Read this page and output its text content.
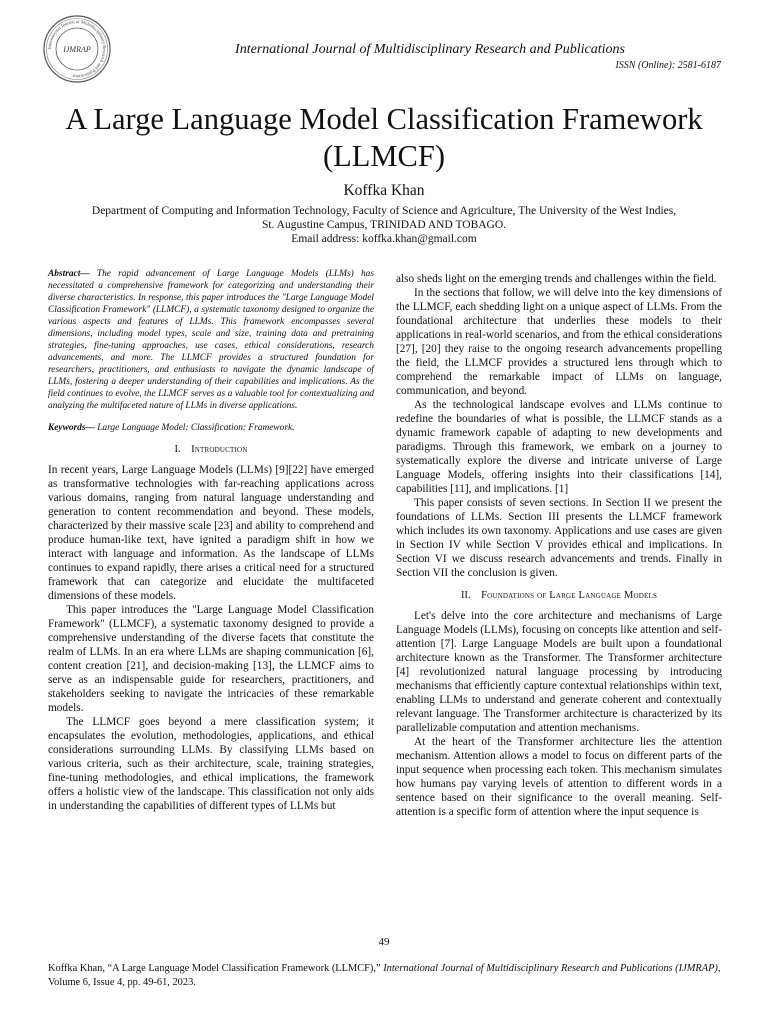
International Journal of Multidisciplinary Research and Publications
IJMRAP	International Journal of Multidisciplinary Research and Publications
ISSN (Online): 2581-6187
A Large Language Model Classification Framework (LLMCF)
Koffka Khan
Department of Computing and Information Technology, Faculty of Science and Agriculture, The University of the West Indies,
St. Augustine Campus, TRINIDAD AND TOBAGO.
Email address: koffka.khan@gmail.com

Abstract— The rapid advancement of Large Language Models (LLMs) has necessitated a comprehensive framework for categorizing and understanding their diverse characteristics. In response, this paper introduces the "Large Language Model Classification Framework" (LLMCF), a systematic taxonomy designed to organize the various aspects and features of LLMs. This framework encompasses several dimensions, including model types, scale and size, training data and pretraining strategies, fine-tuning approaches, use cases, ethical considerations, research advancements, and more. The LLMCF provides a structured foundation for researchers, practitioners, and enthusiasts to navigate the dynamic landscape of LLMs, fostering a deeper understanding of their capabilities and implications. As the field continues to evolve, the LLMCF serves as a valuable tool for contextualizing and analyzing the multifaceted nature of LLMs in diverse applications.

Keywords— Large Language Model: Classification: Framework.

I. Introduction

In recent years, Large Language Models (LLMs) [9][22] have emerged as transformative technologies with far-reaching applications across various domains, ranging from natural language understanding and generation to content recommendation and beyond. These models, characterized by their massive scale [23] and ability to comprehend and produce human-like text, have ignited a paradigm shift in how we interact with language and information. As the landscape of LLMs continues to expand rapidly, there arises a critical need for a structured framework that can categorize and elucidate the multifaceted dimensions of these models.

This paper introduces the "Large Language Model Classification Framework" (LLMCF), a systematic taxonomy designed to provide a comprehensive understanding of the diverse facets that constitute the realm of LLMs. In an era where LLMs are shaping communication [6], content creation [21], and decision-making [13], the LLMCF aims to serve as an indispensable guide for researchers, practitioners, and stakeholders seeking to navigate the intricacies of these remarkable models.

The LLMCF goes beyond a mere classification system; it encapsulates the evolution, methodologies, applications, and ethical considerations surrounding LLMs. By classifying LLMs based on various criteria, such as their architecture, scale, training strategies, fine-tuning methodologies, and ethical implications, the framework offers a holistic view of the landscape. This classification not only aids in understanding the capabilities of different types of LLMs but

also sheds light on the emerging trends and challenges within the field.

In the sections that follow, we will delve into the key dimensions of the LLMCF, each shedding light on a unique aspect of LLMs. From the foundational architecture that underlies these models to their applications in real-world scenarios, and from the ethical considerations [27], [20] they raise to the ongoing research advancements propelling the field, the LLMCF provides a structured lens through which to comprehend the remarkable impact of LLMs on language, communication, and beyond.

As the technological landscape evolves and LLMs continue to redefine the boundaries of what is possible, the LLMCF stands as a dynamic framework capable of adapting to new developments and paradigms. Through this framework, we embark on a journey to systematically explore the diverse and intricate universe of Large Language Models, offering insights into their classifications [14], capabilities [11], and implications. [1]

This paper consists of seven sections. In Section II we present the foundations of LLMs. Section III presents the LLMCF framework which includes its own taxonomy. Applications and use cases are given in Section IV while Section V provides ethical and implications. In Section VI we discuss research advancements and trends. Finally in Section VII the conclusion is given.

II. Foundations of Large Language Models

Let's delve into the core architecture and mechanisms of Large Language Models (LLMs), focusing on concepts like attention and self-attention [7]. Large Language Models are built upon a foundational architecture known as the Transformer. The Transformer architecture [4] revolutionized natural language processing by introducing mechanisms that efficiently capture contextual relationships within text, enabling LLMs to understand and generate coherent and contextually relevant language. The Transformer architecture is characterized by its parallelizable computation and attention mechanisms.

At the heart of the Transformer architecture lies the attention mechanism. Attention allows a model to focus on different parts of the input sequence when processing each token. This mechanism simulates how humans pay varying levels of attention to different words in a sentence based on their significance to the overall meaning. Self-attention is a specific form of attention where the input sequence is

49
Koffka Khan, “A Large Language Model Classification Framework (LLMCF),” International Journal of Multidisciplinary Research and Publications (IJMRAP), Volume 6, Issue 4, pp. 49-61, 2023.
